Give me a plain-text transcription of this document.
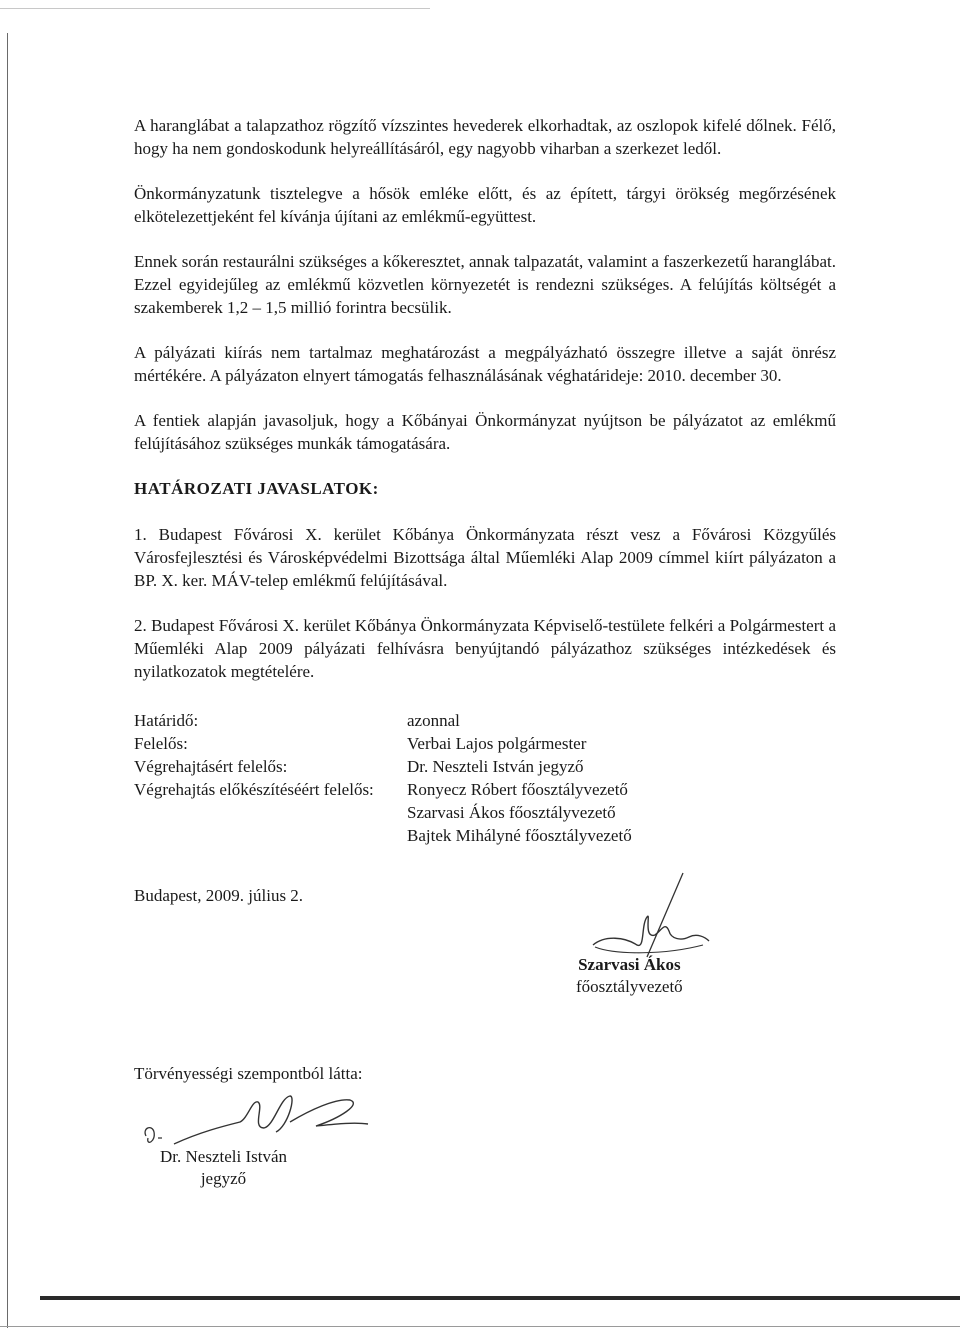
A haranglábat a talapzathoz rögzítő vízszintes hevederek elkorhadtak, az oszlopok kifelé dőlnek. Félő, hogy ha nem gondoskodunk helyreállításáról, egy nagyobb viharban a szerkezet ledől.

Önkormányzatunk tisztelegve a hősök emléke előtt, és az épített, tárgyi örökség megőrzésének elkötelezettjeként fel kívánja újítani az emlékmű-együttest.

Ennek során restaurálni szükséges a kőkeresztet, annak talpazatát, valamint a faszerkezetű haranglábat. Ezzel egyidejűleg az emlékmű közvetlen környezetét is rendezni szükséges. A felújítás költségét a szakemberek 1,2 – 1,5 millió forintra becsülik.

A pályázati kiírás nem tartalmaz meghatározást a megpályázható összegre illetve a saját önrész mértékére. A pályázaton elnyert támogatás felhasználásának véghatárideje: 2010. december 30.

A fentiek alapján javasoljuk, hogy a Kőbányai Önkormányzat nyújtson be pályázatot az emlékmű felújításához szükséges munkák támogatására.

HATÁROZATI JAVASLATOK:

1. Budapest Fővárosi X. kerület Kőbánya Önkormányzata részt vesz a Fővárosi Közgyűlés Városfejlesztési és Városképvédelmi Bizottsága által Műemléki Alap 2009 címmel kiírt pályázaton a BP. X. ker. MÁV-telep emlékmű felújításával.

2. Budapest Fővárosi X. kerület Kőbánya Önkormányzata Képviselő-testülete felkéri a Polgármestert a Műemléki Alap 2009 pályázati felhívásra benyújtandó pályázathoz szükséges intézkedések és nyilatkozatok megtételére.

Határidő:	azonnal
Felelős:	Verbai Lajos polgármester
Végrehajtásért felelős:	Dr. Neszteli István jegyző
Végrehajtás előkészítéséért felelős:	Ronyecz Róbert főosztályvezető
Szarvasi Ákos főosztályvezető
Bajtek Mihályné főosztályvezető
Budapest, 2009. július 2.
Szarvasi Ákos
főosztályvezető
Törvényességi szempontból látta:
Dr. Neszteli István
jegyző
